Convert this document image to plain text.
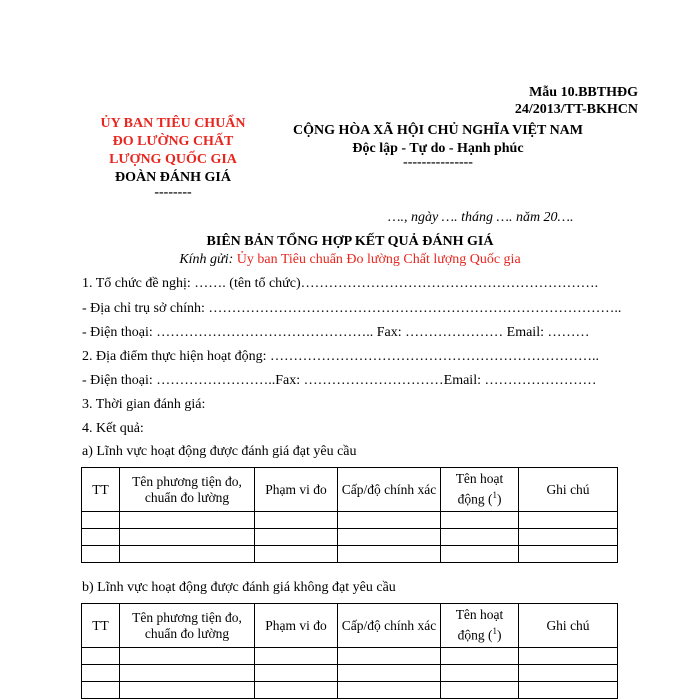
Mẫu 10.BBTHĐG
24/2013/TT-BKHCN
ỦY BAN TIÊU CHUẨN
ĐO LƯỜNG CHẤT
LƯỢNG QUỐC GIA
ĐOÀN ĐÁNH GIÁ
--------
CỘNG HÒA XÃ HỘI CHỦ NGHĨA VIỆT NAM
Độc lập - Tự do - Hạnh phúc
---------------
…., ngày …. tháng …. năm 20….
BIÊN BẢN TỔNG HỢP KẾT QUẢ ĐÁNH GIÁ
Kính gửi: Ủy ban Tiêu chuẩn Đo lường Chất lượng Quốc gia
1. Tổ chức đề nghị: ……. (tên tổ chức)……………………………………………………….
- Địa chỉ trụ sở chính: ……………………………………………………………………………..
- Điện thoại: ……………………………………….. Fax: ………………… Email: ………
2. Địa điểm thực hiện hoạt động: ……………………………………………………………..
- Điện thoại: ……………………..Fax: …………………………Email: ……………………
3. Thời gian đánh giá:
4. Kết quả:
a) Lĩnh vực hoạt động được đánh giá đạt yêu cầu
TT	Tên phương tiện đo, chuẩn đo lường	Phạm vi đo	Cấp/độ chính xác	Tên hoạt động ($^1$)	Ghi chú

b) Lĩnh vực hoạt động được đánh giá không đạt yêu cầu
TT	Tên phương tiện đo, chuẩn đo lường	Phạm vi đo	Cấp/độ chính xác	Tên hoạt động ($^1$)	Ghi chú
